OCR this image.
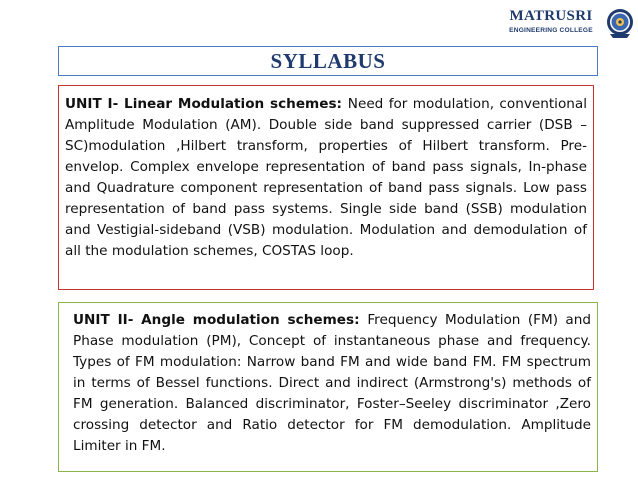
MATRUSRI
ENGINEERING COLLEGE
SYLLABUS
UNIT I- Linear Modulation schemes: Need for modulation, conventional Amplitude Modulation (AM). Double side band suppressed carrier (DSB –SC)modulation ,Hilbert transform, properties of Hilbert transform. Pre-envelop. Complex envelope representation of band pass signals, In-phase and Quadrature component representation of band pass signals. Low pass representation of band pass systems. Single side band (SSB) modulation and Vestigial-sideband (VSB) modulation. Modulation and demodulation of all the modulation schemes, COSTAS loop.
UNIT II- Angle modulation schemes: Frequency Modulation (FM) and Phase modulation (PM), Concept of instantaneous phase and frequency. Types of FM modulation: Narrow band FM and wide band FM. FM spectrum in terms of Bessel functions. Direct and indirect (Armstrong's) methods of FM generation. Balanced discriminator, Foster–Seeley discriminator ,Zero crossing detector and Ratio detector for FM demodulation. Amplitude Limiter in FM.
